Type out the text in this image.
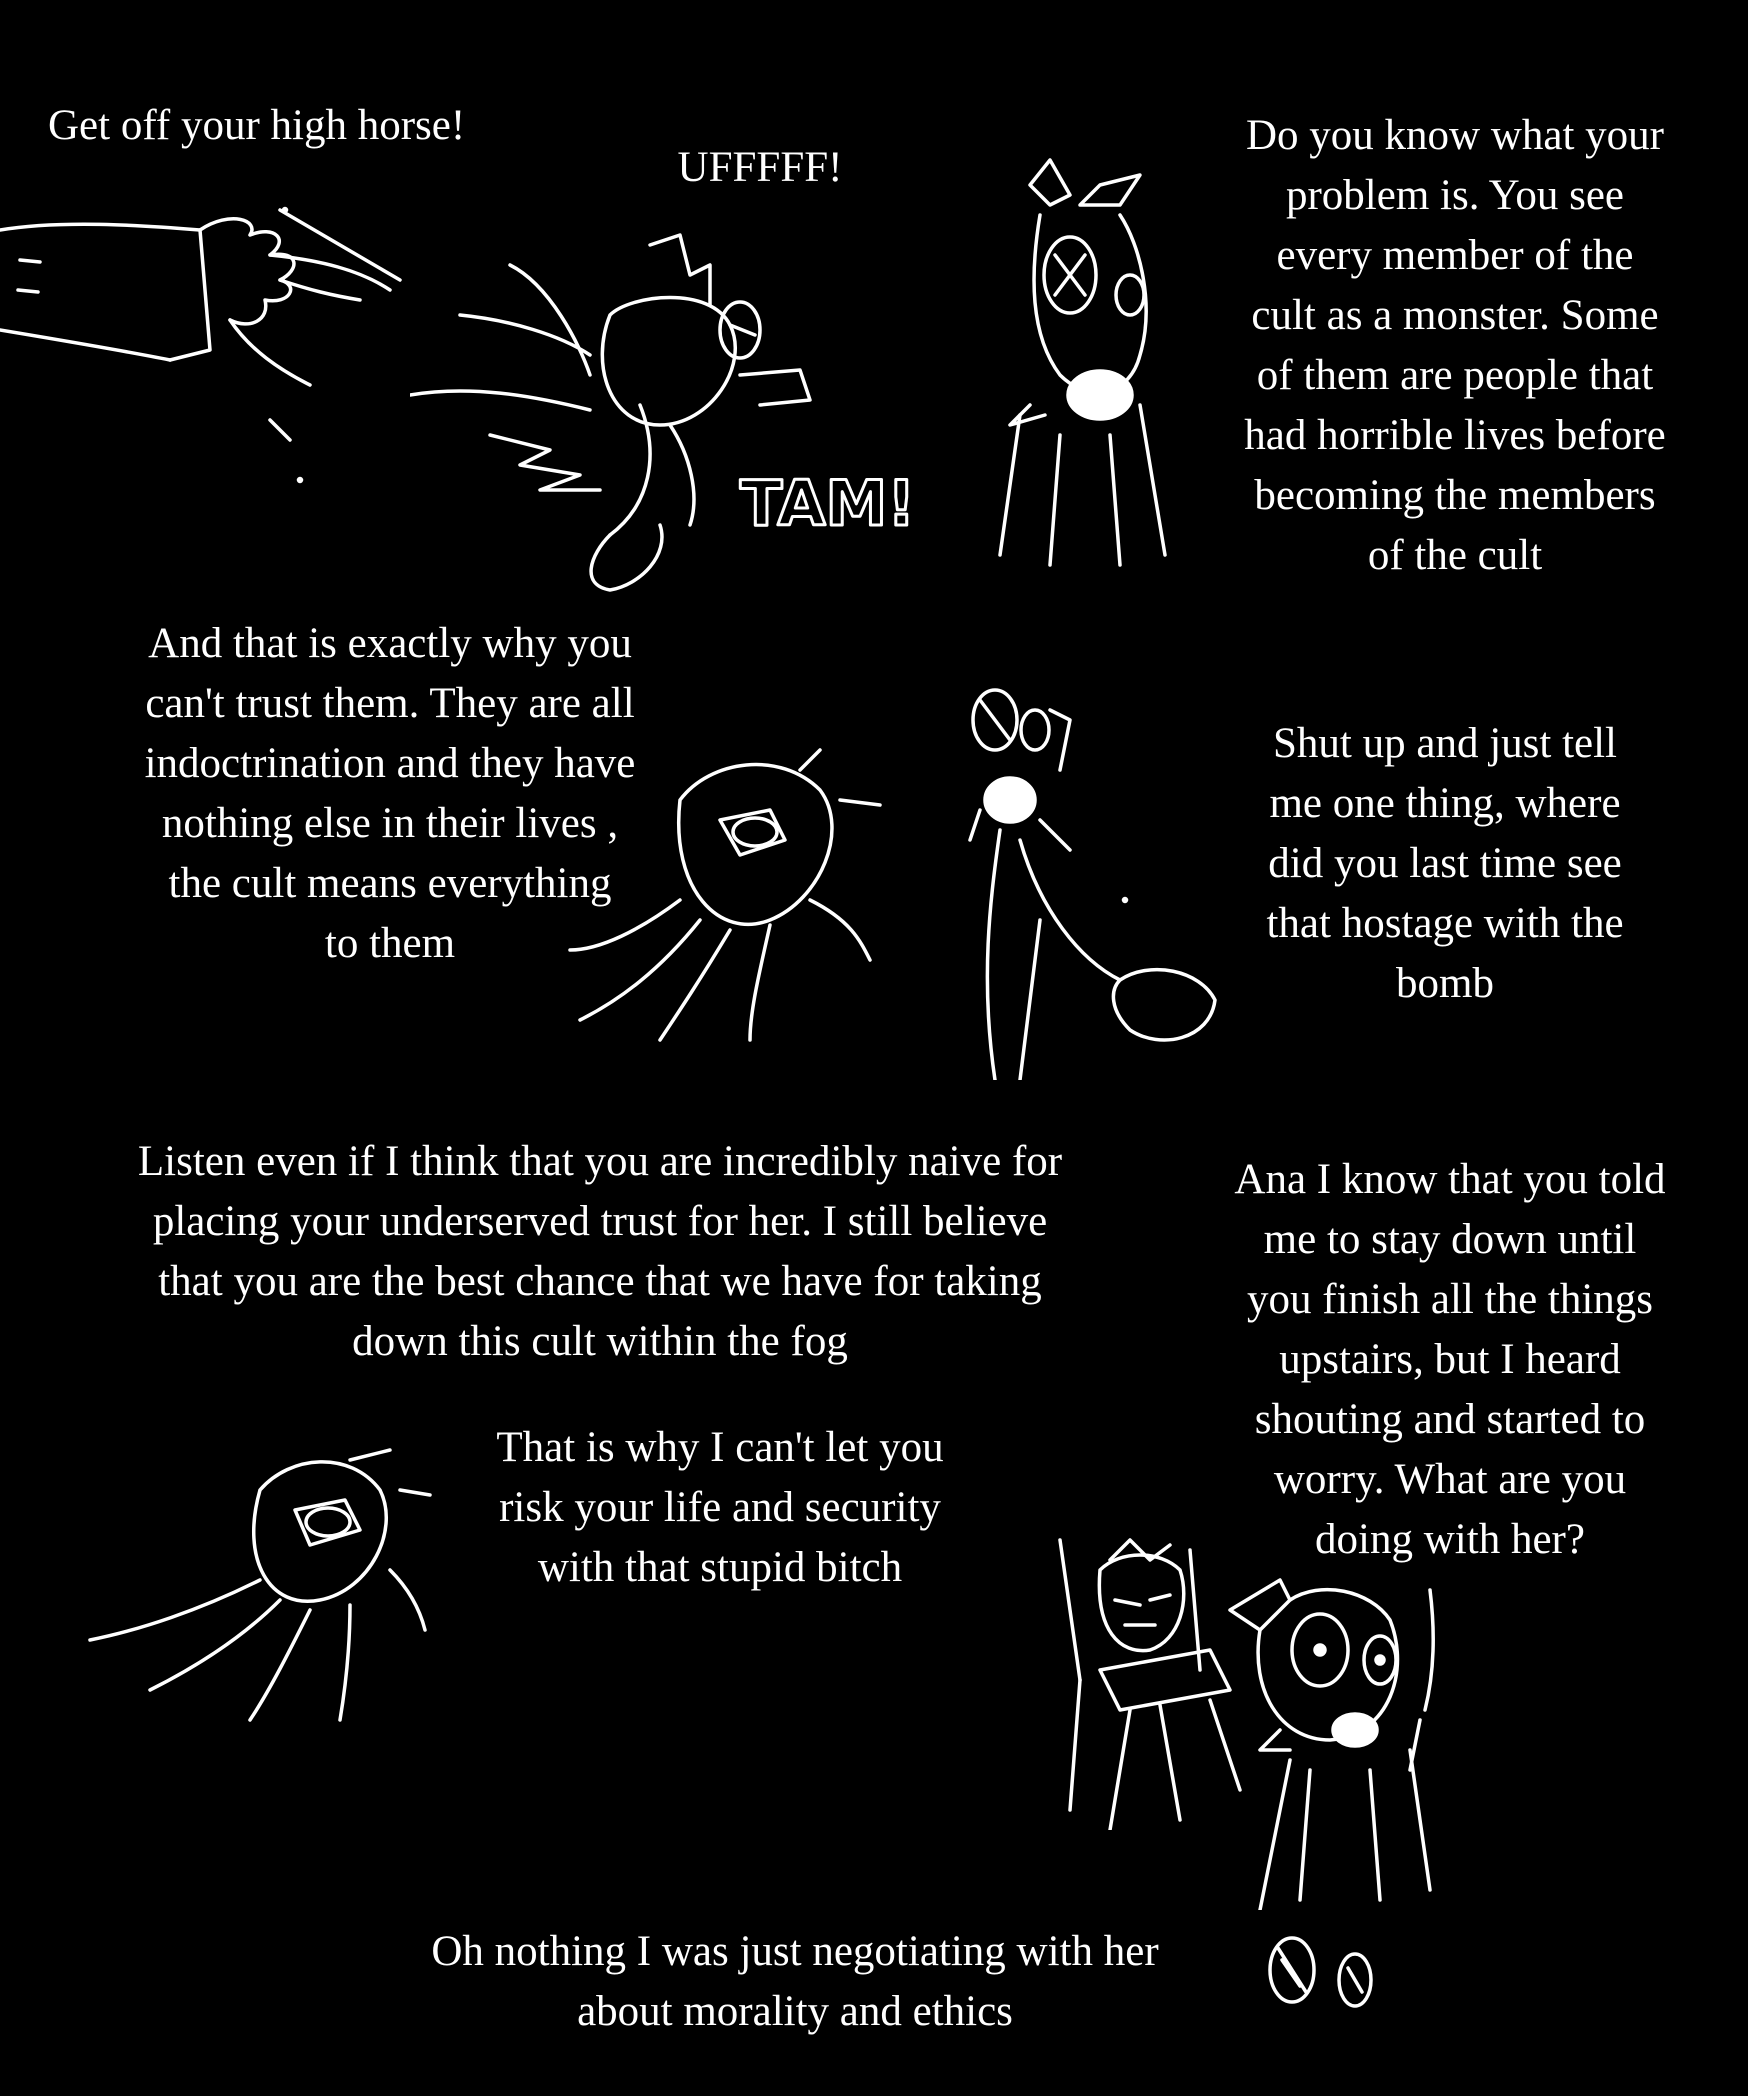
Get off your high horse!
UFFFFF!
Do you know what your
problem is. You see
every member of the
cult as a monster. Some
of them are people that
had horrible lives before
becoming the members
of the cult
And that is exactly why you
can't trust them. They are all
indoctrination and they have
nothing else in their lives ,
the cult means everything
to them
Shut up and just tell
me one thing, where
did you last time see
that hostage with the
bomb
Listen even if I think that you are incredibly naive for
placing your underserved trust for her. I still believe
that you are the best chance that we have for taking
down this cult within the fog
Ana I know that you told
me to stay down until
you finish all the things
upstairs, but I heard
shouting and started to
worry. What are you
doing with her?
That is why I can't let you
risk your life and security
with that stupid bitch
Oh nothing I was just negotiating with her
about morality and ethics
TAM!
